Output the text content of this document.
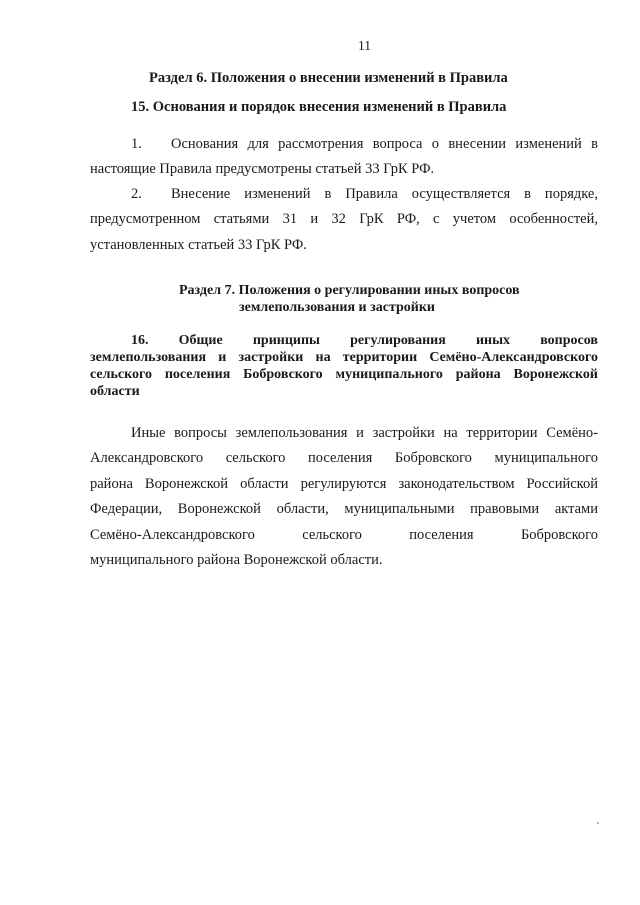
11
Раздел 6. Положения о внесении изменений в Правила
15. Основания и порядок внесения изменений в Правила
1. Основания для рассмотрения вопроса о внесении изменений в
настоящие Правила предусмотрены статьей 33 ГрК РФ.
2. Внесение изменений в Правила осуществляется в порядке,
предусмотренном статьями 31 и 32 ГрК РФ, с учетом особенностей,
установленных статьей 33 ГрК РФ.
Раздел 7. Положения о регулировании иных вопросов
землепользования и застройки
16. Общие принципы регулирования иных вопросов
землепользования и застройки на территории Семёно-Александровского
сельского поселения Бобровского муниципального района Воронежской
области
Иные вопросы землепользования и застройки на территории Семёно-
Александровского сельского поселения Бобровского муниципального
района Воронежской области регулируются законодательством Российской
Федерации, Воронежской области, муниципальными правовыми актами
Семёно-Александровского	сельского	поселения	Бобровского
муниципального района Воронежской области.
